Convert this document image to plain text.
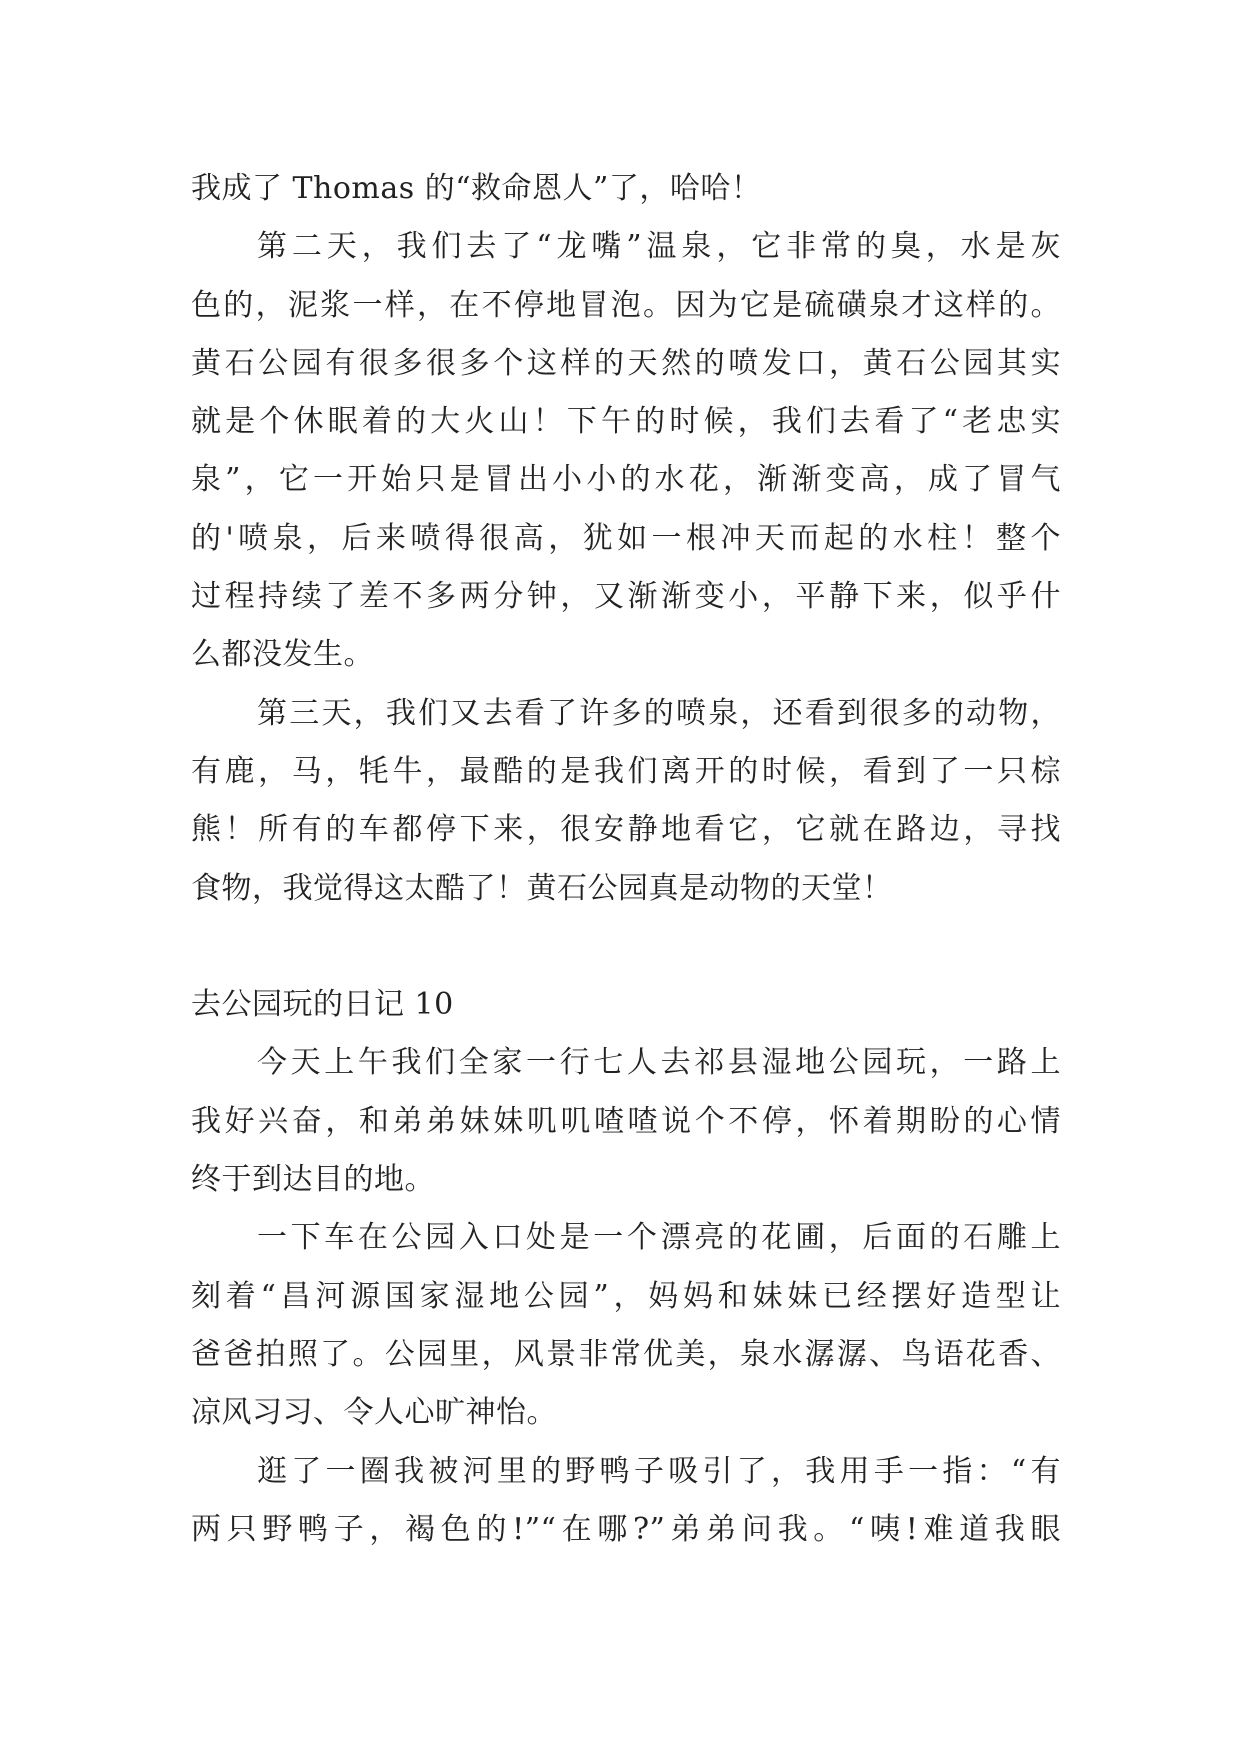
我成了 Thomas 的“救命恩人”了，哈哈！
第二天，我们去了“龙嘴”温泉，它非常的臭，水是灰
色的，泥浆一样，在不停地冒泡。因为它是硫磺泉才这样的。
黄石公园有很多很多个这样的天然的喷发口，黄石公园其实
就是个休眠着的大火山！下午的时候，我们去看了“老忠实
泉”，它一开始只是冒出小小的水花，渐渐变高，成了冒气
的'喷泉，后来喷得很高，犹如一根冲天而起的水柱！整个
过程持续了差不多两分钟，又渐渐变小，平静下来，似乎什
么都没发生。
第三天，我们又去看了许多的喷泉，还看到很多的动物，
有鹿，马，牦牛，最酷的是我们离开的时候，看到了一只棕
熊！所有的车都停下来，很安静地看它，它就在路边，寻找
食物，我觉得这太酷了！黄石公园真是动物的天堂！
去公园玩的日记 10
今天上午我们全家一行七人去祁县湿地公园玩，一路上
我好兴奋，和弟弟妹妹叽叽喳喳说个不停，怀着期盼的心情
终于到达目的地。
一下车在公园入口处是一个漂亮的花圃，后面的石雕上
刻着“昌河源国家湿地公园”，妈妈和妹妹已经摆好造型让
爸爸拍照了。公园里，风景非常优美，泉水潺潺、鸟语花香、
凉风习习、令人心旷神怡。
逛了一圈我被河里的野鸭子吸引了，我用手一指：“有
两只野鸭子，褐色的!”“在哪?”弟弟问我。“咦!难道我眼
